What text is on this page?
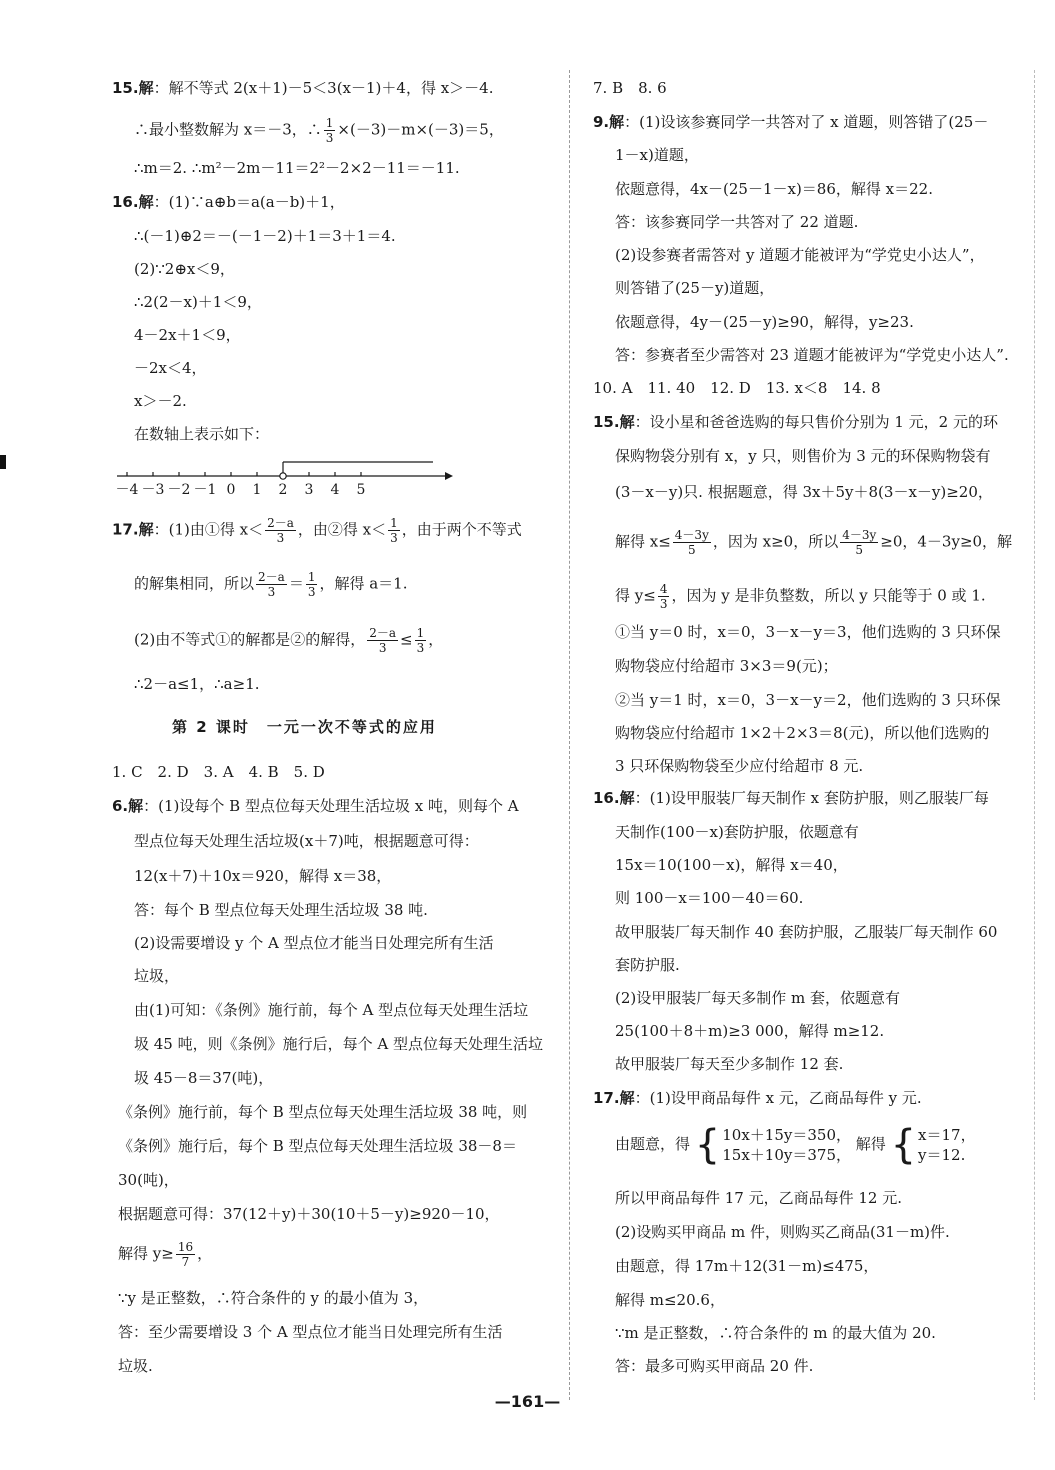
15.解：解不等式 2(x＋1)－5＜3(x－1)＋4，得 x＞－4.
∴最小整数解为 x＝－3，∴ $\frac{1}{3} \times(-3)-m\times(-3)=5$，
∴m＝2. ∴m²－2m－11＝2²－2×2－11＝－11.
16.解：(1)∵a⊕b＝a(a－b)＋1，
∴(－1)⊕2＝－(－1－2)＋1＝3＋1＝4.
(2)∵2⊕x＜9，
∴2(2－x)＋1＜9，
4－2x＋1＜9，
－2x＜4，
x＞－2.
在数轴上表示如下：
17.解：(1)由①得 $x< \frac{2-a}{3}$ ，由②得 $x< \frac{1}{3}$ ，由于两个不等式
的解集相同，所以 $\frac{2-a}{3} = \frac{1}{3}$ ，解得 a＝1.
(2)由不等式①的解都是②的解得， $\frac{2-a}{3} \le \frac{1}{3}$ ，
∴2－a≤1，∴a≥1.
第 2 课时　一元一次不等式的应用
1. C　2. D　3. A　4. B　5. D
6.解：(1)设每个 B 型点位每天处理生活垃圾 x 吨，则每个 A
型点位每天处理生活垃圾(x＋7)吨，根据题意可得：
12(x＋7)＋10x＝920，解得 x＝38，
答：每个 B 型点位每天处理生活垃圾 38 吨.
(2)设需要增设 y 个 A 型点位才能当日处理完所有生活
垃圾，
由(1)可知：《条例》施行前，每个 A 型点位每天处理生活垃
圾 45 吨，则《条例》施行后，每个 A 型点位每天处理生活垃
圾 45－8＝37(吨)，
《条例》施行前，每个 B 型点位每天处理生活垃圾 38 吨，则
《条例》施行后，每个 B 型点位每天处理生活垃圾 38－8＝
30(吨)，
根据题意可得：37(12＋y)＋30(10＋5－y)≥920－10，
解得 $y\ge \frac{16}{7}$ ，
∵y 是正整数，∴符合条件的 y 的最小值为 3，
答：至少需要增设 3 个 A 型点位才能当日处理完所有生活
垃圾.
－4 －3 －2 －1 0 1 2 3 4 5
7. B　8. 6
9.解：(1)设该参赛同学一共答对了 x 道题，则答错了(25－
1－x)道题，
依题意得，4x－(25－1－x)＝86，解得 x＝22.
答：该参赛同学一共答对了 22 道题.
(2)设参赛者需答对 y 道题才能被评为“学党史小达人”，
则答错了(25－y)道题，
依题意得，4y－(25－y)≥90，解得，y≥23.
答：参赛者至少需答对 23 道题才能被评为“学党史小达人”.
10. A　11. 40　12. D　13. x＜8　14. 8
15.解：设小星和爸爸选购的每只售价分别为 1 元，2 元的环
保购物袋分别有 x，y 只，则售价为 3 元的环保购物袋有
(3－x－y)只. 根据题意，得 3x＋5y＋8(3－x－y)≥20，
解得 $x\le \frac{4-3y}{5}$ ，因为 x≥0，所以 $\frac{4-3y}{5} \ge 0$，4－3y≥0，解
得 $y\le \frac{4}{3}$ ，因为 y 是非负整数，所以 y 只能等于 0 或 1.
①当 y＝0 时，x＝0，3－x－y＝3，他们选购的 3 只环保
购物袋应付给超市 3×3＝9(元)；
②当 y＝1 时，x＝0，3－x－y＝2，他们选购的 3 只环保
购物袋应付给超市 1×2＋2×3＝8(元)，所以他们选购的
3 只环保购物袋至少应付给超市 8 元.
16.解：(1)设甲服装厂每天制作 x 套防护服，则乙服装厂每
天制作(100－x)套防护服，依题意有
15x＝10(100－x)，解得 x＝40，
则 100－x＝100－40＝60.
故甲服装厂每天制作 40 套防护服，乙服装厂每天制作 60
套防护服.
(2)设甲服装厂每天多制作 m 套，依题意有
25(100＋8＋m)≥3 000，解得 m≥12.
故甲服装厂每天至少多制作 12 套.
17.解：(1)设甲商品每件 x 元，乙商品每件 y 元.
由题意，得 { 10x＋15y＝350，
15x＋10y＝375，
解得 { x＝17，
y＝12.
所以甲商品每件 17 元，乙商品每件 12 元.
(2)设购买甲商品 m 件，则购买乙商品(31－m)件.
由题意，得 17m＋12(31－m)≤475，
解得 m≤20.6，
∵m 是正整数，∴符合条件的 m 的最大值为 20.
答：最多可购买甲商品 20 件.
—161—
